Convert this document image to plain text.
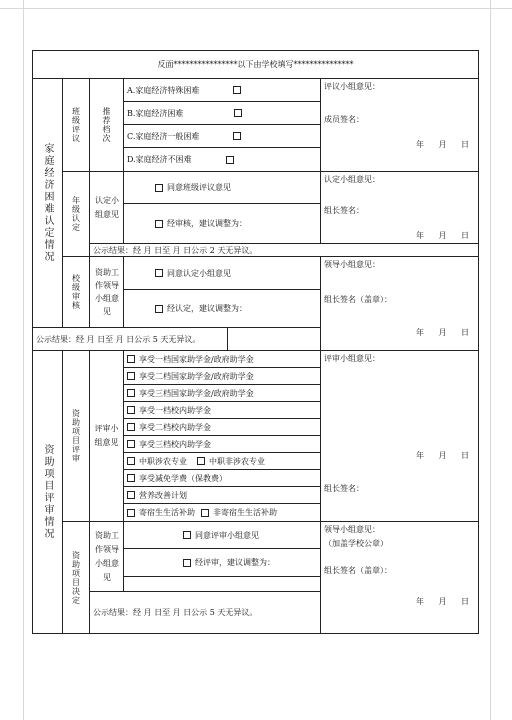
反面****************以下由学校填写***************				

家庭经济困难认定情况	班级评议	推荐档次	A.家庭经济特殊困难	评议小组意见：
成员签名：
年 月 日

			B.家庭经济困难	
			C.家庭经济一般困难	
			D.家庭经济不困难	

	年级认定	认定小组意见	同意班级评议意见	认定小组意见：
组长签名：
年 月 日

			经审核，建议调整为：	
		公示结果：经 月 日至 月 日公示 2 天无异议。		

	校级审核	资助工作领导小组意见	同意认定小组意见	领导小组意见：
组长签名（盖章）：
年 月 日

			经认定，建议调整为：	
公示结果：经 月 日至 月 日公示 5 天无异议。				

资助项目评审情况	资助项目评审	评审小组意见	享受一档国家助学金/政府助学金	评审小组意见：
年 月 日
组长签名：

			享受二档国家助学金/政府助学金	
			享受三档国家助学金/政府助学金	
			享受一档校内助学金	
			享受二档校内助学金	
			享受三档校内助学金	
			中职涉农专业 中职非涉农专业	
			享受减免学费（保教费）	
			营养改善计划	
			寄宿生生活补助 非寄宿生生活补助	

	资助项目决定	资助工作领导小组意见	同意评审小组意见	领导小组意见：
（加盖学校公章）
组长签名（盖章）：
年 月 日

			经评审，建议调整为：	

		公示结果：经 月 日至 月 日公示 5 天无异议。		
